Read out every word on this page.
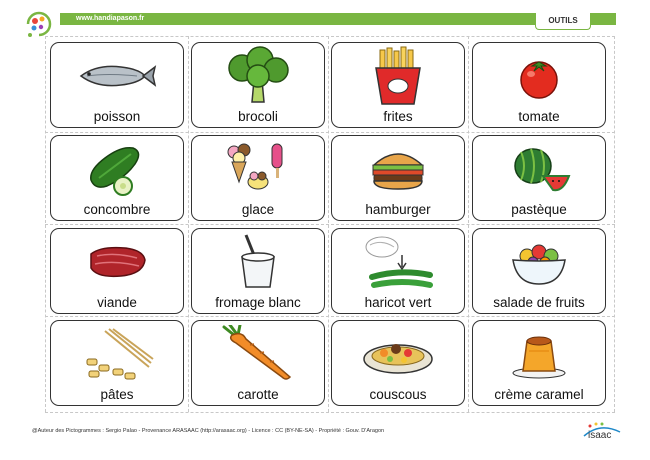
www.handiapason.fr	OUTILS
poisson	brocoli	frites	tomate
concombre	glace	hamburger	pastèque
viande	fromage blanc	haricot vert	salade de fruits
pâtes	carotte	couscous	crème caramel
@Auteur des Pictogrammes : Sergio Palao - Provenance ARASAAC (http://arasaac.org) - Licence : CC (BY-NE-SA) - Propriété : Gouv. D'Aragon	isaac
